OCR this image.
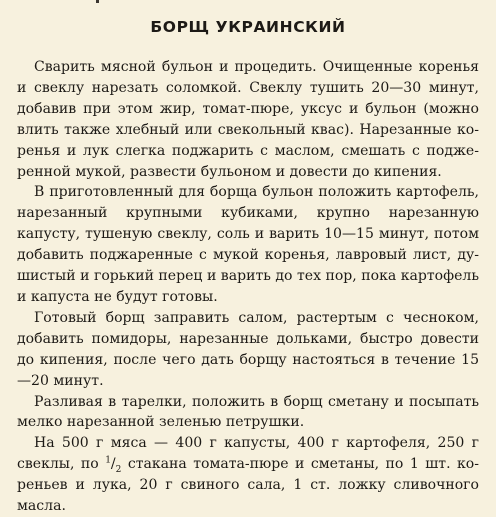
БОРЩ УКРАИНСКИЙ

Сварить мясной бульон и процедить. Очищенные коренья и свеклу нарезать соломкой. Свеклу тушить 20—30 минут, добавив при этом жир, томат-пюре, уксус и бульон (можно влить также хлебный или свекольный квас). Нарезанные коренья и лук слегка поджарить с маслом, смешать с поджеренной мукой, развести бульоном и довести до кипения.

В приготовленный для борща бульон положить картофель, нарезанный крупными кубиками, крупно нарезанную капусту, тушеную свеклу, соль и варить 10—15 минут, потом добавить поджаренные с мукой коренья, лавровый лист, душистый и горький перец и варить до тех пор, пока картофель и капуста не будут готовы.

Готовый борщ заправить салом, растертым с чесноком, добавить помидоры, нарезанные дольками, быстро довести до кипения, после чего дать борщу настояться в течение 15—20 минут.

Разливая в тарелки, положить в борщ сметану и посыпать мелко нарезанной зеленью петрушки.

На 500 г мяса — 400 г капусты, 400 г картофеля, 250 г свеклы, по $^1/_2$ стакана томата-пюре и сметаны, по 1 шт. кореньев и лука, 20 г свиного сала, 1 ст. ложку сливочного масла.
